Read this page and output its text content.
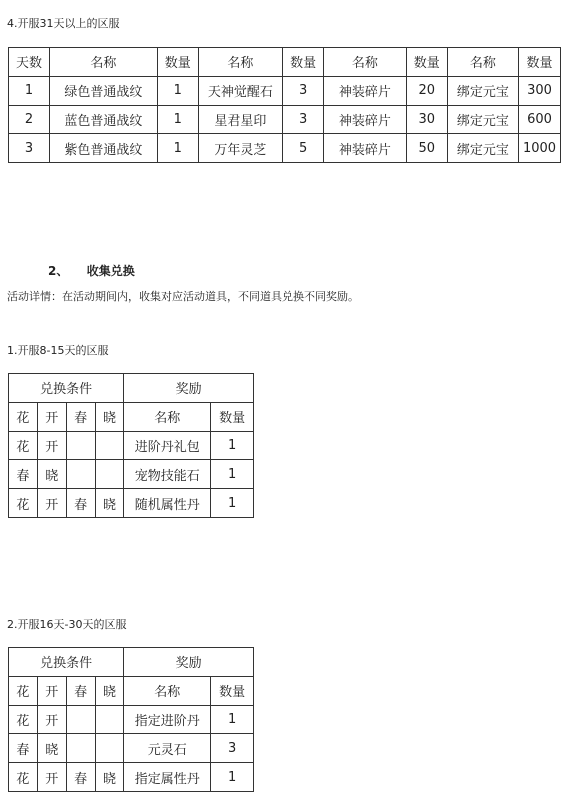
4.开服31天以上的区服
天数	名称	数量	名称	数量	名称	数量	名称	数量
1	绿色普通战纹	1	天神觉醒石	3	神装碎片	20	绑定元宝	300
2	蓝色普通战纹	1	星君星印	3	神装碎片	30	绑定元宝	600
3	紫色普通战纹	1	万年灵芝	5	神装碎片	50	绑定元宝	1000
2、 收集兑换
活动详情：在活动期间内，收集对应活动道具，不同道具兑换不同奖励。
1.开服8-15天的区服
兑换条件				奖励	
花	开	春	晓	名称	数量
花	开			进阶丹礼包	1
春	晓			宠物技能石	1
花	开	春	晓	随机属性丹	1
2.开服16天-30天的区服
兑换条件				奖励	
花	开	春	晓	名称	数量
花	开			指定进阶丹	1
春	晓			元灵石	3
花	开	春	晓	指定属性丹	1
